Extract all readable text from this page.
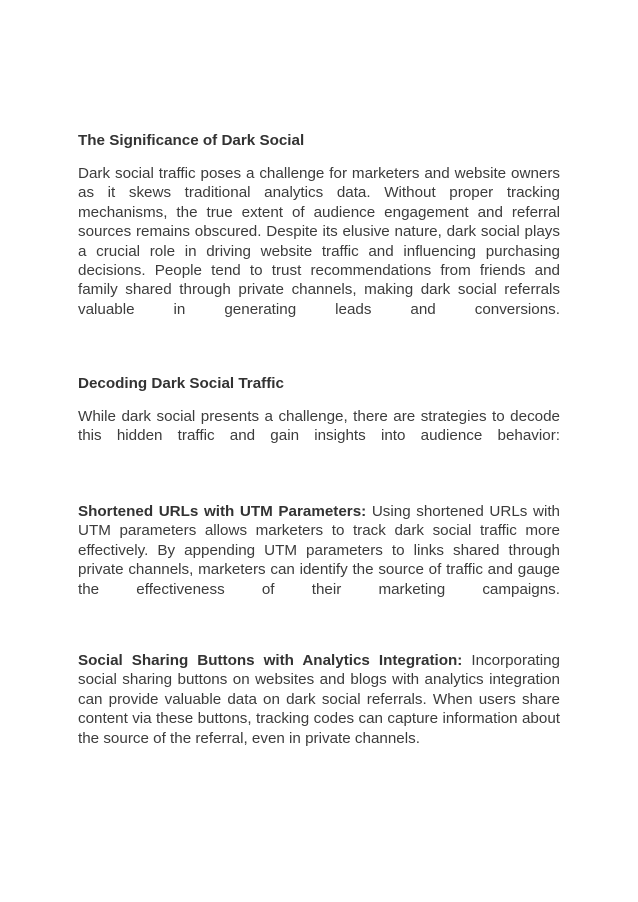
The Significance of Dark Social

Dark social traffic poses a challenge for marketers and website owners as it skews traditional analytics data. Without proper tracking mechanisms, the true extent of audience engagement and referral sources remains obscured. Despite its elusive nature, dark social plays a crucial role in driving website traffic and influencing purchasing decisions. People tend to trust recommendations from friends and family shared through private channels, making dark social referrals valuable in generating leads and conversions.

Decoding Dark Social Traffic

While dark social presents a challenge, there are strategies to decode this hidden traffic and gain insights into audience behavior:

Shortened URLs with UTM Parameters: Using shortened URLs with UTM parameters allows marketers to track dark social traffic more effectively. By appending UTM parameters to links shared through private channels, marketers can identify the source of traffic and gauge the effectiveness of their marketing campaigns.

Social Sharing Buttons with Analytics Integration: Incorporating social sharing buttons on websites and blogs with analytics integration can provide valuable data on dark social referrals. When users share content via these buttons, tracking codes can capture information about the source of the referral, even in private channels.
